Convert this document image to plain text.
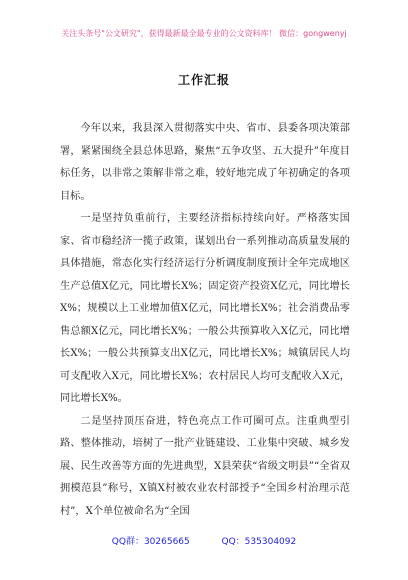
关注头条号"公文研究"，获得最新最全最专业的公文资料库！ 微信：gongwenyj
工作汇报

今年以来，我县深入贯彻落实中央、省市、县委各项决策部署，紧紧围绕全县总体思路，聚焦“五争攻坚、五大提升”年度目标任务，以非常之策解非常之难，较好地完成了年初确定的各项目标。

一是坚持负重前行，主要经济指标持续向好。严格落实国家、省市稳经济一揽子政策，谋划出台一系列推动高质量发展的具体措施，常态化实行经济运行分析调度制度预计全年完成地区生产总值X亿元，同比增长X%；固定资产投资X亿元，同比增长X%；规模以上工业增加值X亿元，同比增长X%；社会消费品零售总额X亿元，同比增长X%；一般公共预算收入X亿元，同比增长X%；一般公共预算支出X亿元，同比增长X%；城镇居民人均可支配收入X元，同比增长X%；农村居民人均可支配收入X元，同比增长X%。

二是坚持顶压奋进，特色亮点工作可圈可点。注重典型引路、整体推动，培树了一批产业链建设、工业集中突破、城乡发展、民生改善等方面的先进典型，X县荣获“省级文明县”“全省双拥模范县”称号，X镇X村被农业农村部授予“全国乡村治理示范村”，X个单位被命名为“全国

QQ群：30265665	QQ：535304092
